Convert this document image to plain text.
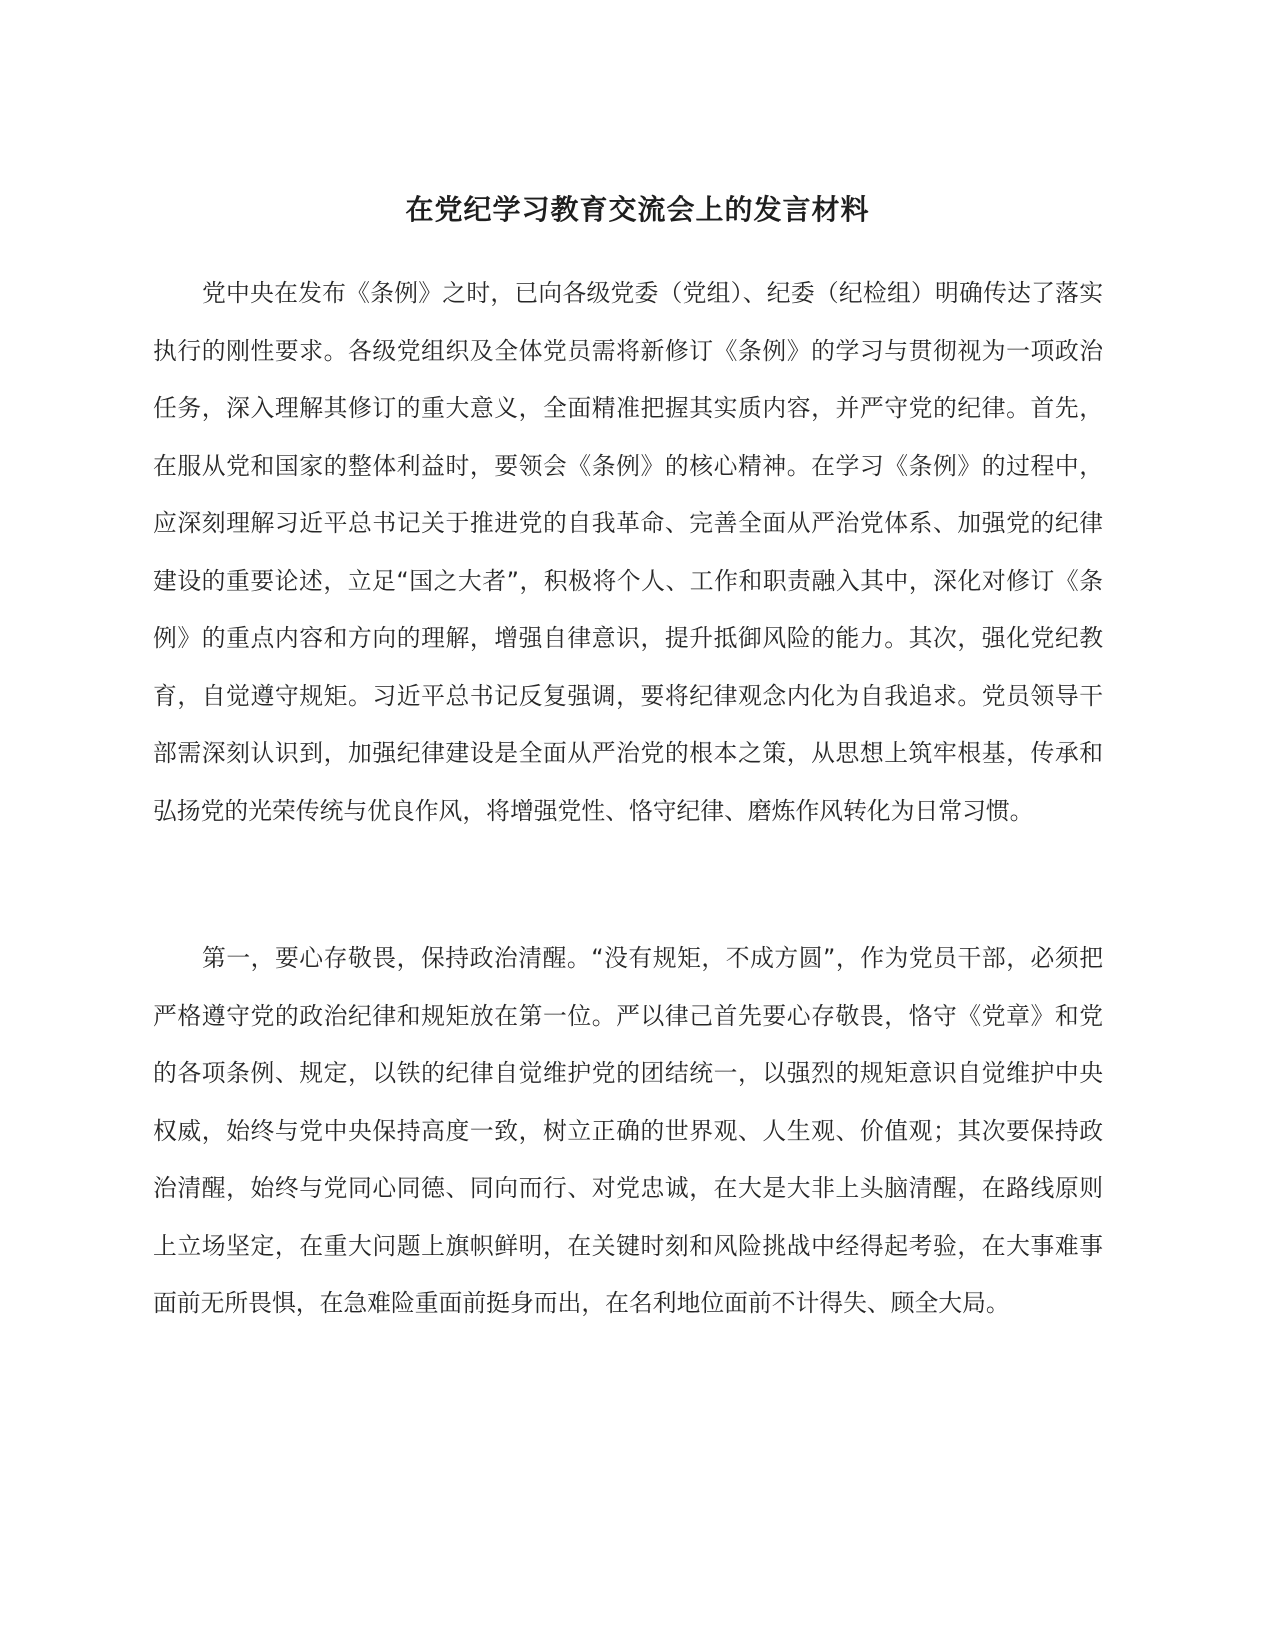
在党纪学习教育交流会上的发言材料

党中央在发布《条例》之时，已向各级党委（党组）、纪委（纪检组）明确传达了落实执行的刚性要求。各级党组织及全体党员需将新修订《条例》的学习与贯彻视为一项政治任务，深入理解其修订的重大意义，全面精准把握其实质内容，并严守党的纪律。首先，在服从党和国家的整体利益时，要领会《条例》的核心精神。在学习《条例》的过程中，应深刻理解习近平总书记关于推进党的自我革命、完善全面从严治党体系、加强党的纪律建设的重要论述，立足“国之大者”，积极将个人、工作和职责融入其中，深化对修订《条例》的重点内容和方向的理解，增强自律意识，提升抵御风险的能力。其次，强化党纪教育，自觉遵守规矩。习近平总书记反复强调，要将纪律观念内化为自我追求。党员领导干部需深刻认识到，加强纪律建设是全面从严治党的根本之策，从思想上筑牢根基，传承和弘扬党的光荣传统与优良作风，将增强党性、恪守纪律、磨炼作风转化为日常习惯。

第一，要心存敬畏，保持政治清醒。“没有规矩，不成方圆”，作为党员干部，必须把严格遵守党的政治纪律和规矩放在第一位。严以律己首先要心存敬畏，恪守《党章》和党的各项条例、规定，以铁的纪律自觉维护党的团结统一，以强烈的规矩意识自觉维护中央权威，始终与党中央保持高度一致，树立正确的世界观、人生观、价值观；其次要保持政治清醒，始终与党同心同德、同向而行、对党忠诚，在大是大非上头脑清醒，在路线原则上立场坚定，在重大问题上旗帜鲜明，在关键时刻和风险挑战中经得起考验，在大事难事面前无所畏惧，在急难险重面前挺身而出，在名利地位面前不计得失、顾全大局。
